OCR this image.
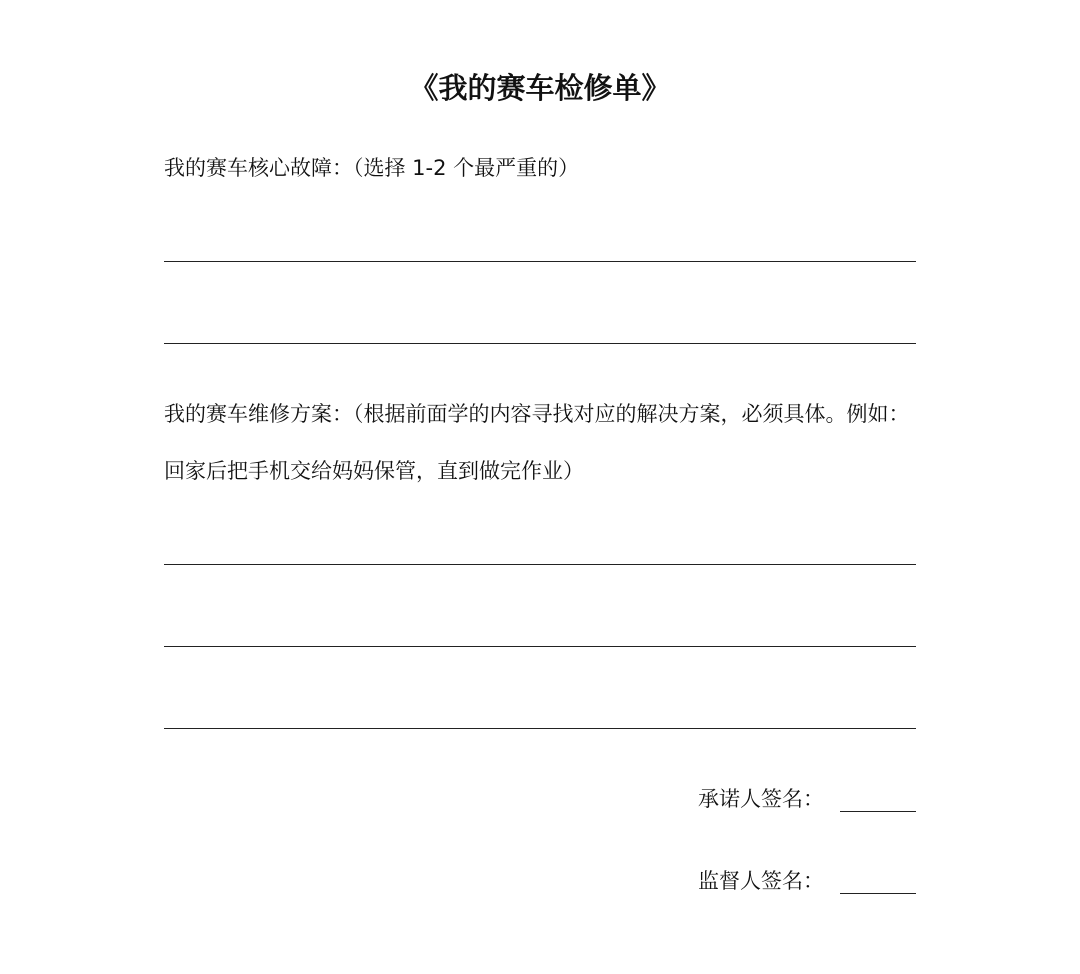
《我的赛车检修单》
我的赛车核心故障：（选择 1-2 个最严重的）
我的赛车维修方案：（根据前面学的内容寻找对应的解决方案，必须具体。例如：
回家后把手机交给妈妈保管，直到做完作业）
承诺人签名：
监督人签名：
